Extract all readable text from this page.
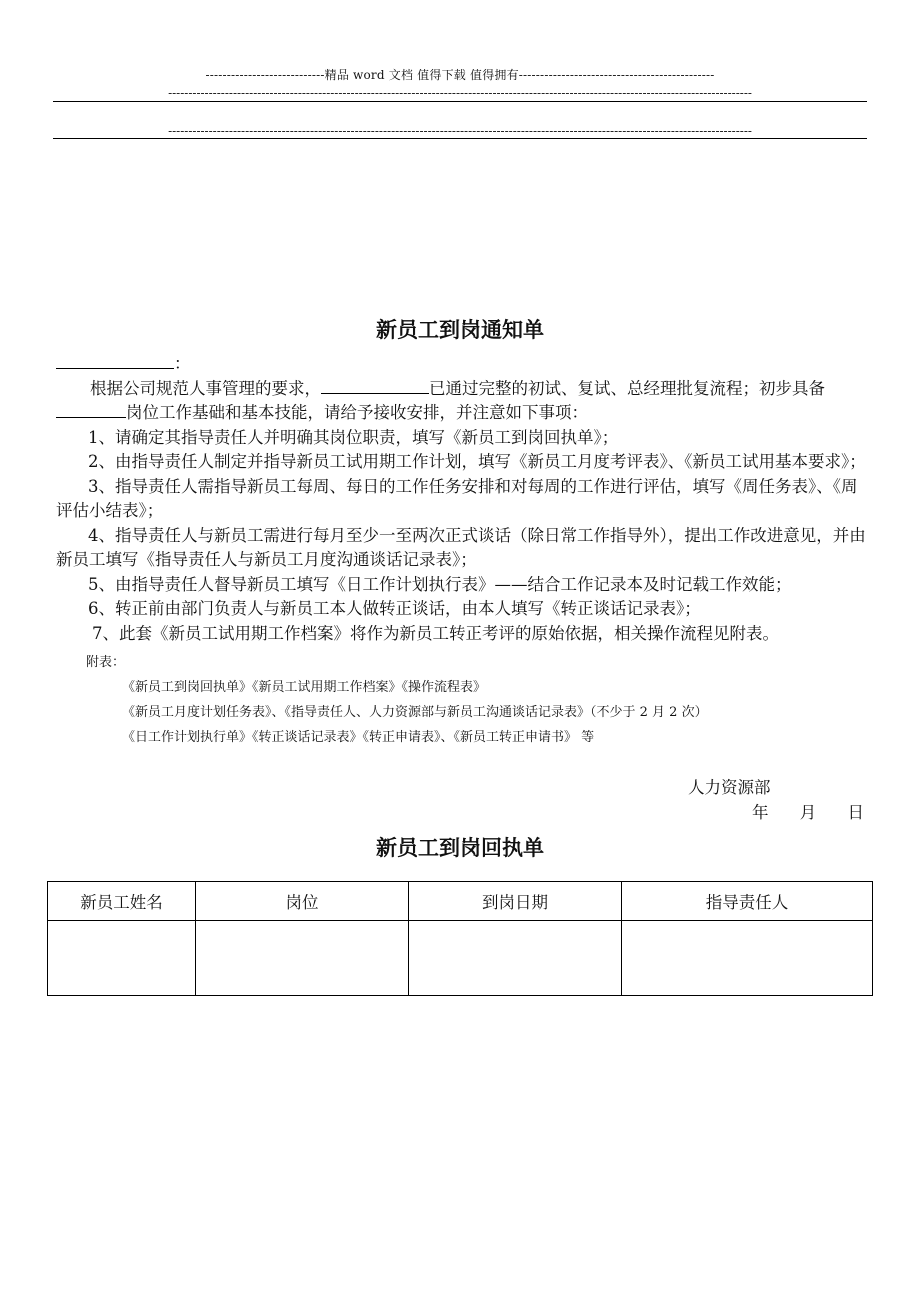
----------------------------精品 word 文档 值得下载 值得拥有----------------------------------------------
------------------------------------------------------------------------------------------------------------------------------------------------
------------------------------------------------------------------------------------------------------------------------------------------------
新员工到岗通知单

：

根据公司规范人事管理的要求，	已通过完整的初试、复试、总经理批复流程；初步具备岗位工作基础和基本技能，请给予接收安排，并注意如下事项：

1、请确定其指导责任人并明确其岗位职责，填写《新员工到岗回执单》；

2、由指导责任人制定并指导新员工试用期工作计划，填写《新员工月度考评表》、《新员工试用基本要求》；

3、指导责任人需指导新员工每周、每日的工作任务安排和对每周的工作进行评估，填写《周任务表》、《周评估小结表》；

4、指导责任人与新员工需进行每月至少一至两次正式谈话（除日常工作指导外），提出工作改进意见，并由新员工填写《指导责任人与新员工月度沟通谈话记录表》；

5、由指导责任人督导新员工填写《日工作计划执行表》——结合工作记录本及时记载工作效能；

6、转正前由部门负责人与新员工本人做转正谈话，由本人填写《转正谈话记录表》；

7、此套《新员工试用期工作档案》将作为新员工转正考评的原始依据，相关操作流程见附表。

附表：
《新员工到岗回执单》《新员工试用期工作档案》《操作流程表》
《新员工月度计划任务表》、《指导责任人、人力资源部与新员工沟通谈话记录表》（不少于 2 月 2 次）
《日工作计划执行单》《转正谈话记录表》《转正申请表》、《新员工转正申请书》 等
人力资源部
年 月 日
新员工到岗回执单
新员工姓名	岗位	到岗日期	指导责任人
